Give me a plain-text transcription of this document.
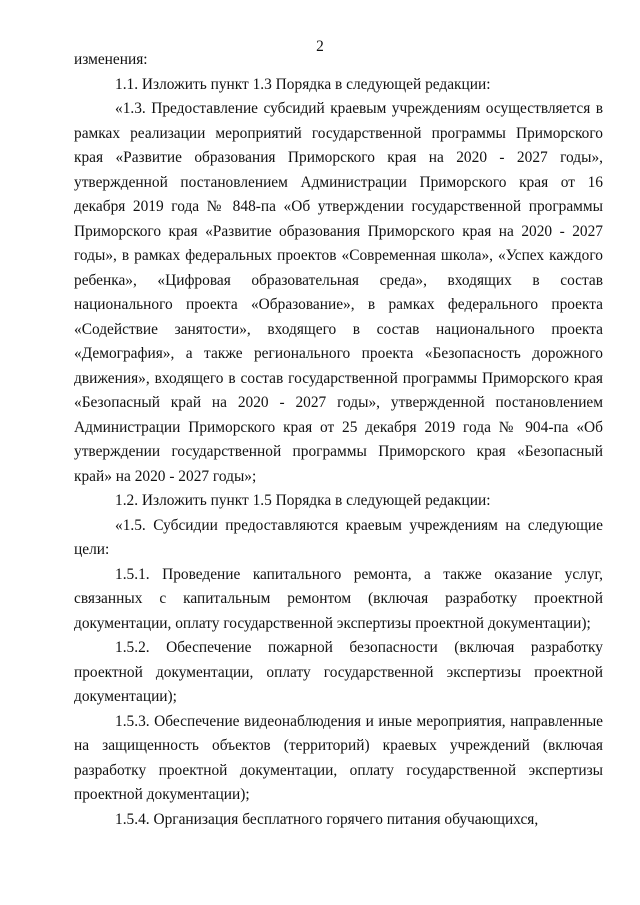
2

изменения:

1.1. Изложить пункт 1.3 Порядка в следующей редакции:

«1.3. Предоставление субсидий краевым учреждениям осуществляется в рамках реализации мероприятий государственной программы Приморского края «Развитие образования Приморского края на 2020 - 2027 годы», утвержденной постановлением Администрации Приморского края от 16 декабря 2019 года № 848-па «Об утверждении государственной программы Приморского края «Развитие образования Приморского края на 2020 - 2027 годы», в рамках федеральных проектов «Современная школа», «Успех каждого ребенка», «Цифровая образовательная среда», входящих в состав национального проекта «Образование», в рамках федерального проекта «Содействие занятости», входящего в состав национального проекта «Демография», а также регионального проекта «Безопасность дорожного движения», входящего в состав государственной программы Приморского края «Безопасный край на 2020 - 2027 годы», утвержденной постановлением Администрации Приморского края от 25 декабря 2019 года № 904-па «Об утверждении государственной программы Приморского края «Безопасный край» на 2020 - 2027 годы»;

1.2. Изложить пункт 1.5 Порядка в следующей редакции:

«1.5. Субсидии предоставляются краевым учреждениям на следующие цели:

1.5.1. Проведение капитального ремонта, а также оказание услуг, связанных с капитальным ремонтом (включая разработку проектной документации, оплату государственной экспертизы проектной документации);

1.5.2. Обеспечение пожарной безопасности (включая разработку проектной документации, оплату государственной экспертизы проектной документации);

1.5.3. Обеспечение видеонаблюдения и иные мероприятия, направленные на защищенность объектов (территорий) краевых учреждений (включая разработку проектной документации, оплату государственной экспертизы проектной документации);

1.5.4. Организация бесплатного горячего питания обучающихся,
